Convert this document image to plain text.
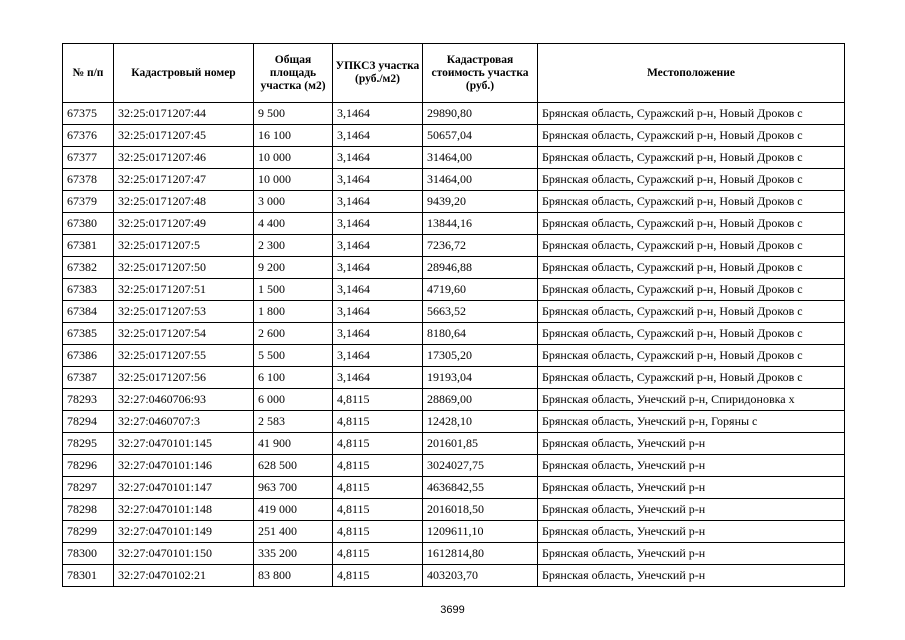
№ п/п	Кадастровый номер	Общая площадь участка (м2)	УПКСЗ участка (руб./м2)	Кадастровая стоимость участка (руб.)	Местоположение
67375	32:25:0171207:44	9 500	3,1464	29890,80	Брянская область, Суражский р-н, Новый Дроков с
67376	32:25:0171207:45	16 100	3,1464	50657,04	Брянская область, Суражский р-н, Новый Дроков с
67377	32:25:0171207:46	10 000	3,1464	31464,00	Брянская область, Суражский р-н, Новый Дроков с
67378	32:25:0171207:47	10 000	3,1464	31464,00	Брянская область, Суражский р-н, Новый Дроков с
67379	32:25:0171207:48	3 000	3,1464	9439,20	Брянская область, Суражский р-н, Новый Дроков с
67380	32:25:0171207:49	4 400	3,1464	13844,16	Брянская область, Суражский р-н, Новый Дроков с
67381	32:25:0171207:5	2 300	3,1464	7236,72	Брянская область, Суражский р-н, Новый Дроков с
67382	32:25:0171207:50	9 200	3,1464	28946,88	Брянская область, Суражский р-н, Новый Дроков с
67383	32:25:0171207:51	1 500	3,1464	4719,60	Брянская область, Суражский р-н, Новый Дроков с
67384	32:25:0171207:53	1 800	3,1464	5663,52	Брянская область, Суражский р-н, Новый Дроков с
67385	32:25:0171207:54	2 600	3,1464	8180,64	Брянская область, Суражский р-н, Новый Дроков с
67386	32:25:0171207:55	5 500	3,1464	17305,20	Брянская область, Суражский р-н, Новый Дроков с
67387	32:25:0171207:56	6 100	3,1464	19193,04	Брянская область, Суражский р-н, Новый Дроков с
78293	32:27:0460706:93	6 000	4,8115	28869,00	Брянская область, Унечский р-н, Спиридоновка х
78294	32:27:0460707:3	2 583	4,8115	12428,10	Брянская область, Унечский р-н, Горяны с
78295	32:27:0470101:145	41 900	4,8115	201601,85	Брянская область, Унечский р-н
78296	32:27:0470101:146	628 500	4,8115	3024027,75	Брянская область, Унечский р-н
78297	32:27:0470101:147	963 700	4,8115	4636842,55	Брянская область, Унечский р-н
78298	32:27:0470101:148	419 000	4,8115	2016018,50	Брянская область, Унечский р-н
78299	32:27:0470101:149	251 400	4,8115	1209611,10	Брянская область, Унечский р-н
78300	32:27:0470101:150	335 200	4,8115	1612814,80	Брянская область, Унечский р-н
78301	32:27:0470102:21	83 800	4,8115	403203,70	Брянская область, Унечский р-н
3699
